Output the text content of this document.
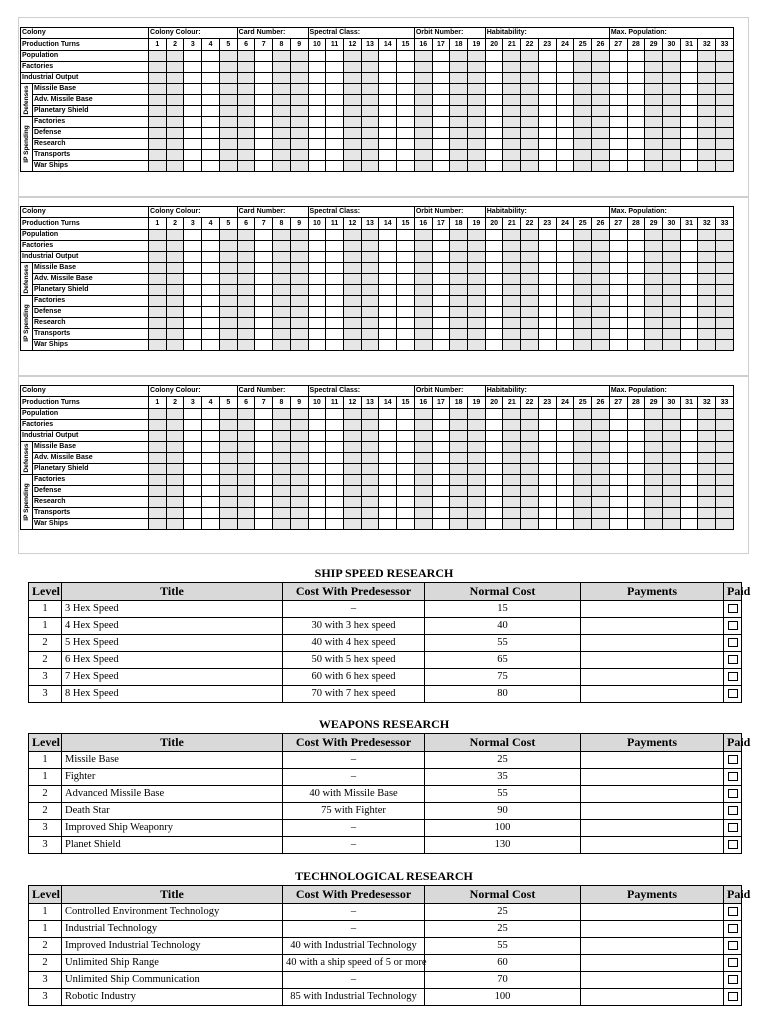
Colony		Colony Colour:					Card Number:				Spectral Class:						Orbit Number:				Habitability:							Max. Population:						
Production Turns		1	2	3	4	5	6	7	8	9	10	11	12	13	14	15	16	17	18	19	20	21	22	23	24	25	26	27	28	29	30	31	32	33
Population																																		
Factories																																		
Industrial Output																																		

Defenses	Missile Base																																	
	Adv. Missile Base																																	
	Planetary Shield																																	

IP Spending	Factories																																	
	Defense																																	
	Research																																	
	Transports																																	
	War Ships																																	
Colony		Colony Colour:					Card Number:				Spectral Class:						Orbit Number:				Habitability:							Max. Population:						
Production Turns		1	2	3	4	5	6	7	8	9	10	11	12	13	14	15	16	17	18	19	20	21	22	23	24	25	26	27	28	29	30	31	32	33
Population																																		
Factories																																		
Industrial Output																																		

Defenses	Missile Base																																	
	Adv. Missile Base																																	
	Planetary Shield																																	

IP Spending	Factories																																	
	Defense																																	
	Research																																	
	Transports																																	
	War Ships																																	
Colony		Colony Colour:					Card Number:				Spectral Class:						Orbit Number:				Habitability:							Max. Population:						
Production Turns		1	2	3	4	5	6	7	8	9	10	11	12	13	14	15	16	17	18	19	20	21	22	23	24	25	26	27	28	29	30	31	32	33
Population																																		
Factories																																		
Industrial Output																																		

Defenses	Missile Base																																	
	Adv. Missile Base																																	
	Planetary Shield																																	

IP Spending	Factories																																	
	Defense																																	
	Research																																	
	Transports																																	
	War Ships																																	
SHIP SPEED RESEARCH
Level	Title	Cost With Predesessor	Normal Cost	Payments	Paid
1	3 Hex Speed	–	15		
1	4 Hex Speed	30 with 3 hex speed	40		
2	5 Hex Speed	40 with 4 hex speed	55		
2	6 Hex Speed	50 with 5 hex speed	65		
3	7 Hex Speed	60 with 6 hex speed	75		
3	8 Hex Speed	70 with 7 hex speed	80		
WEAPONS RESEARCH
Level	Title	Cost With Predesessor	Normal Cost	Payments	Paid
1	Missile Base	–	25		
1	Fighter	–	35		
2	Advanced Missile Base	40 with Missile Base	55		
2	Death Star	75 with Fighter	90		
3	Improved Ship Weaponry	–	100		
3	Planet Shield	–	130		
TECHNOLOGICAL RESEARCH
Level	Title	Cost With Predesessor	Normal Cost	Payments	Paid
1	Controlled Environment Technology	–	25		
1	Industrial Technology	–	25		
2	Improved Industrial Technology	40 with Industrial Technology	55		
2	Unlimited Ship Range	40 with a ship speed of 5 or more	60		
3	Unlimited Ship Communication	–	70		
3	Robotic Industry	85 with Industrial Technology	100		
